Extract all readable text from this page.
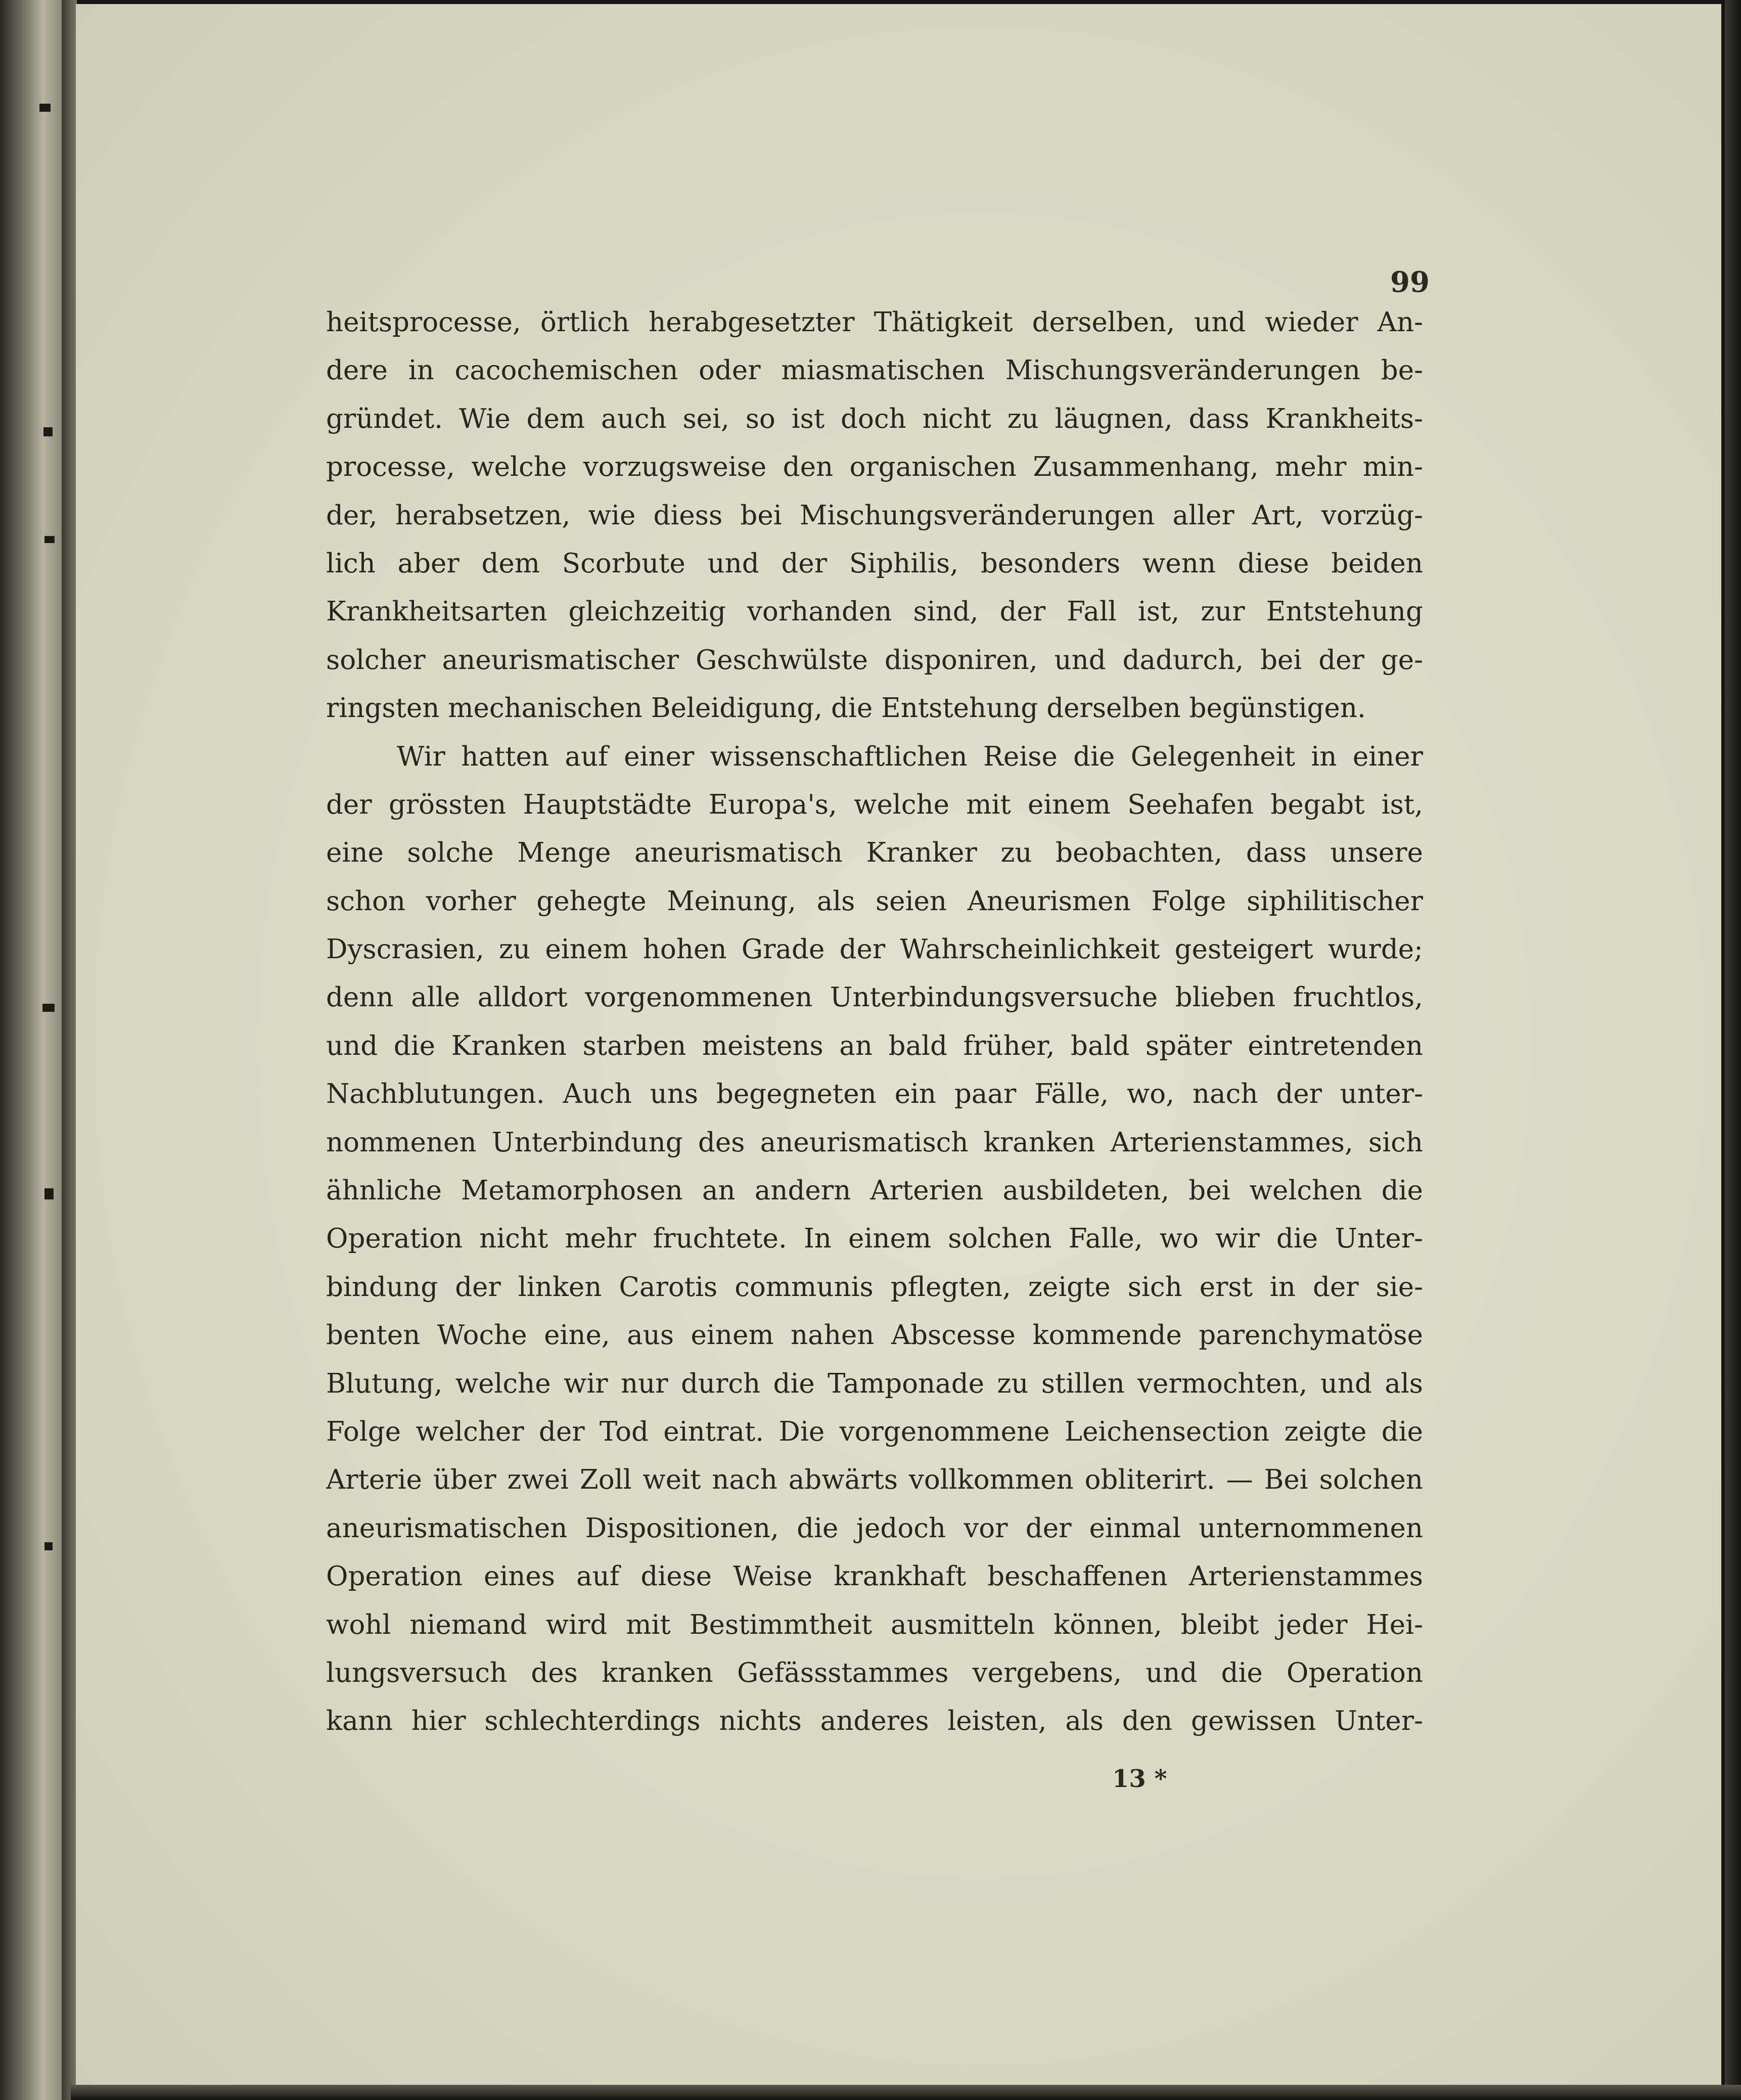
99
heitsprocesse, örtlich herabgesetzter Thätigkeit derselben, und wieder An-
dere in cacochemischen oder miasmatischen Mischungsveränderungen be-
gründet. Wie dem auch sei, so ist doch nicht zu läugnen, dass Krankheits-
processe, welche vorzugsweise den organischen Zusammenhang, mehr min-
der, herabsetzen, wie diess bei Mischungsveränderungen aller Art, vorzüg-
lich aber dem Scorbute und der Siphilis, besonders wenn diese beiden
Krankheitsarten gleichzeitig vorhanden sind, der Fall ist, zur Entstehung
solcher aneurismatischer Geschwülste disponiren, und dadurch, bei der ge-
ringsten mechanischen Beleidigung, die Entstehung derselben begünstigen.
Wir hatten auf einer wissenschaftlichen Reise die Gelegenheit in einer
der grössten Hauptstädte Europa's, welche mit einem Seehafen begabt ist,
eine solche Menge aneurismatisch Kranker zu beobachten, dass unsere
schon vorher gehegte Meinung, als seien Aneurismen Folge siphilitischer
Dyscrasien, zu einem hohen Grade der Wahrscheinlichkeit gesteigert wurde;
denn alle alldort vorgenommenen Unterbindungsversuche blieben fruchtlos,
und die Kranken starben meistens an bald früher, bald später eintretenden
Nachblutungen. Auch uns begegneten ein paar Fälle, wo, nach der unter-
nommenen Unterbindung des aneurismatisch kranken Arterienstammes, sich
ähnliche Metamorphosen an andern Arterien ausbildeten, bei welchen die
Operation nicht mehr fruchtete. In einem solchen Falle, wo wir die Unter-
bindung der linken Carotis communis pflegten, zeigte sich erst in der sie-
benten Woche eine, aus einem nahen Abscesse kommende parenchymatöse
Blutung, welche wir nur durch die Tamponade zu stillen vermochten, und als
Folge welcher der Tod eintrat. Die vorgenommene Leichensection zeigte die
Arterie über zwei Zoll weit nach abwärts vollkommen obliterirt. — Bei solchen
aneurismatischen Dispositionen, die jedoch vor der einmal unternommenen
Operation eines auf diese Weise krankhaft beschaffenen Arterienstammes
wohl niemand wird mit Bestimmtheit ausmitteln können, bleibt jeder Hei-
lungsversuch des kranken Gefässstammes vergebens, und die Operation
kann hier schlechterdings nichts anderes leisten, als den gewissen Unter-
13 *
